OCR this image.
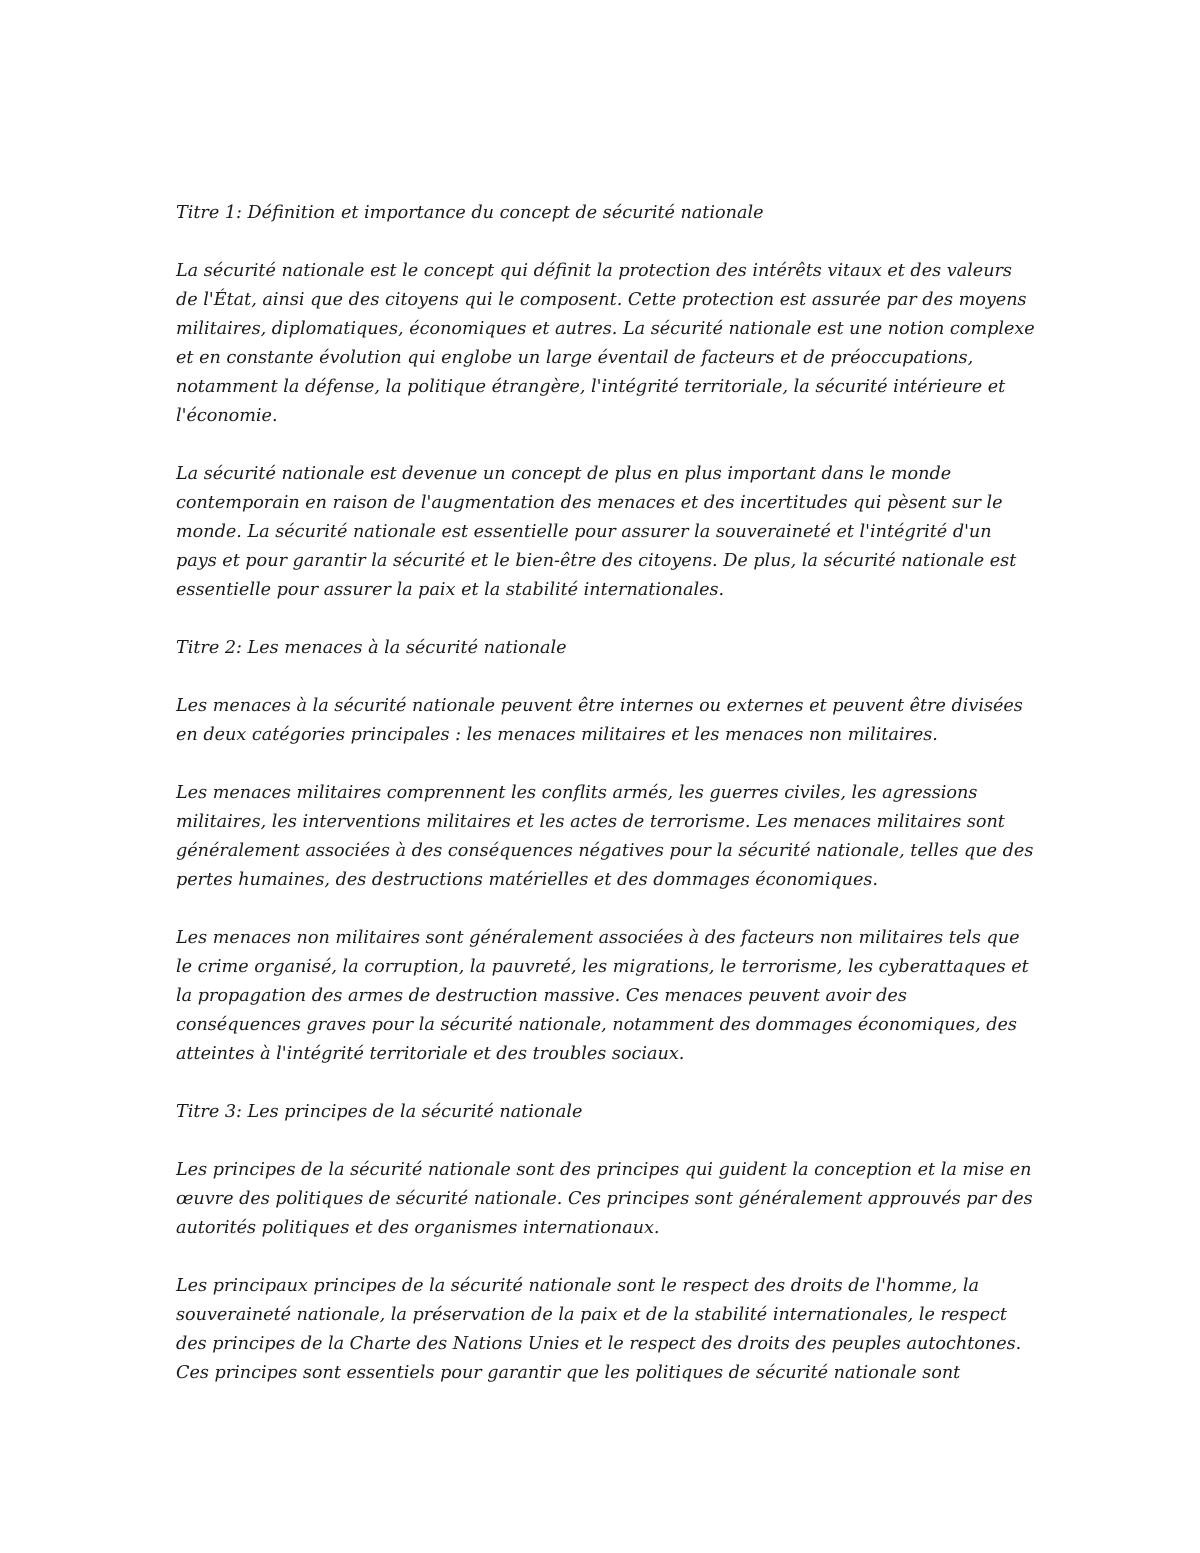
Titre 1: Définition et importance du concept de sécurité nationale

La sécurité nationale est le concept qui définit la protection des intérêts vitaux et des valeurs de l'État, ainsi que des citoyens qui le composent. Cette protection est assurée par des moyens militaires, diplomatiques, économiques et autres. La sécurité nationale est une notion complexe et en constante évolution qui englobe un large éventail de facteurs et de préoccupations, notamment la défense, la politique étrangère, l'intégrité territoriale, la sécurité intérieure et l'économie.

La sécurité nationale est devenue un concept de plus en plus important dans le monde contemporain en raison de l'augmentation des menaces et des incertitudes qui pèsent sur le monde. La sécurité nationale est essentielle pour assurer la souveraineté et l'intégrité d'un pays et pour garantir la sécurité et le bien-être des citoyens. De plus, la sécurité nationale est essentielle pour assurer la paix et la stabilité internationales.

Titre 2: Les menaces à la sécurité nationale

Les menaces à la sécurité nationale peuvent être internes ou externes et peuvent être divisées en deux catégories principales : les menaces militaires et les menaces non militaires.

Les menaces militaires comprennent les conflits armés, les guerres civiles, les agressions militaires, les interventions militaires et les actes de terrorisme. Les menaces militaires sont généralement associées à des conséquences négatives pour la sécurité nationale, telles que des pertes humaines, des destructions matérielles et des dommages économiques.

Les menaces non militaires sont généralement associées à des facteurs non militaires tels que le crime organisé, la corruption, la pauvreté, les migrations, le terrorisme, les cyberattaques et la propagation des armes de destruction massive. Ces menaces peuvent avoir des conséquences graves pour la sécurité nationale, notamment des dommages économiques, des atteintes à l'intégrité territoriale et des troubles sociaux.

Titre 3: Les principes de la sécurité nationale

Les principes de la sécurité nationale sont des principes qui guident la conception et la mise en œuvre des politiques de sécurité nationale. Ces principes sont généralement approuvés par des autorités politiques et des organismes internationaux.

Les principaux principes de la sécurité nationale sont le respect des droits de l'homme, la souveraineté nationale, la préservation de la paix et de la stabilité internationales, le respect des principes de la Charte des Nations Unies et le respect des droits des peuples autochtones. Ces principes sont essentiels pour garantir que les politiques de sécurité nationale sont
